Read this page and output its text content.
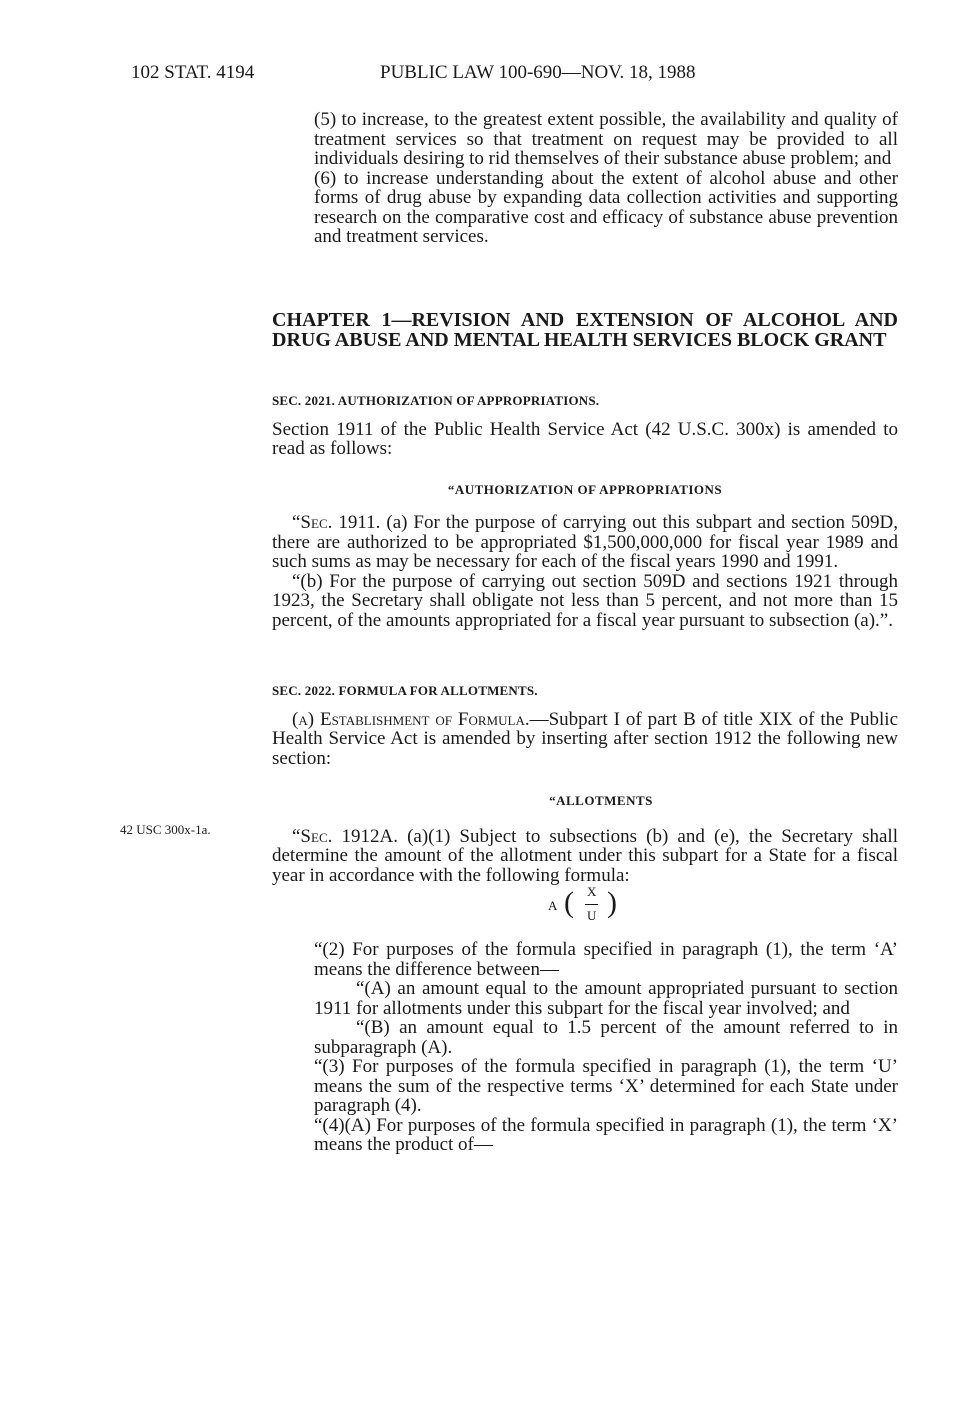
102 STAT. 4194	PUBLIC LAW 100-690—NOV. 18, 1988

(5) to increase, to the greatest extent possible, the availability and quality of treatment services so that treatment on request may be provided to all individuals desiring to rid themselves of their substance abuse problem; and

(6) to increase understanding about the extent of alcohol abuse and other forms of drug abuse by expanding data collection activities and supporting research on the comparative cost and efficacy of substance abuse prevention and treatment services.

CHAPTER 1—REVISION AND EXTENSION OF ALCOHOL AND DRUG ABUSE AND MENTAL HEALTH SERVICES BLOCK GRANT

SEC. 2021. AUTHORIZATION OF APPROPRIATIONS.

Section 1911 of the Public Health Service Act (42 U.S.C. 300x) is amended to read as follows:

“AUTHORIZATION OF APPROPRIATIONS

“Sec. 1911. (a) For the purpose of carrying out this subpart and section 509D, there are authorized to be appropriated $1,500,000,000 for fiscal year 1989 and such sums as may be necessary for each of the fiscal years 1990 and 1991.

“(b) For the purpose of carrying out section 509D and sections 1921 through 1923, the Secretary shall obligate not less than 5 percent, and not more than 15 percent, of the amounts appropriated for a fiscal year pursuant to subsection (a).”.

SEC. 2022. FORMULA FOR ALLOTMENTS.

(a) Establishment of Formula.—Subpart I of part B of title XIX of the Public Health Service Act is amended by inserting after section 1912 the following new section:

“ALLOTMENTS

“Sec. 1912A. (a)(1) Subject to subsections (b) and (e), the Secretary shall determine the amount of the allotment under this subpart for a State for a fiscal year in accordance with the following formula:

42 USC 300x-1a.
A ( X
U )

“(2) For purposes of the formula specified in paragraph (1), the term ‘A’ means the difference between—

“(A) an amount equal to the amount appropriated pursuant to section 1911 for allotments under this subpart for the fiscal year involved; and

“(B) an amount equal to 1.5 percent of the amount referred to in subparagraph (A).

“(3) For purposes of the formula specified in paragraph (1), the term ‘U’ means the sum of the respective terms ‘X’ determined for each State under paragraph (4).

“(4)(A) For purposes of the formula specified in paragraph (1), the term ‘X’ means the product of—
